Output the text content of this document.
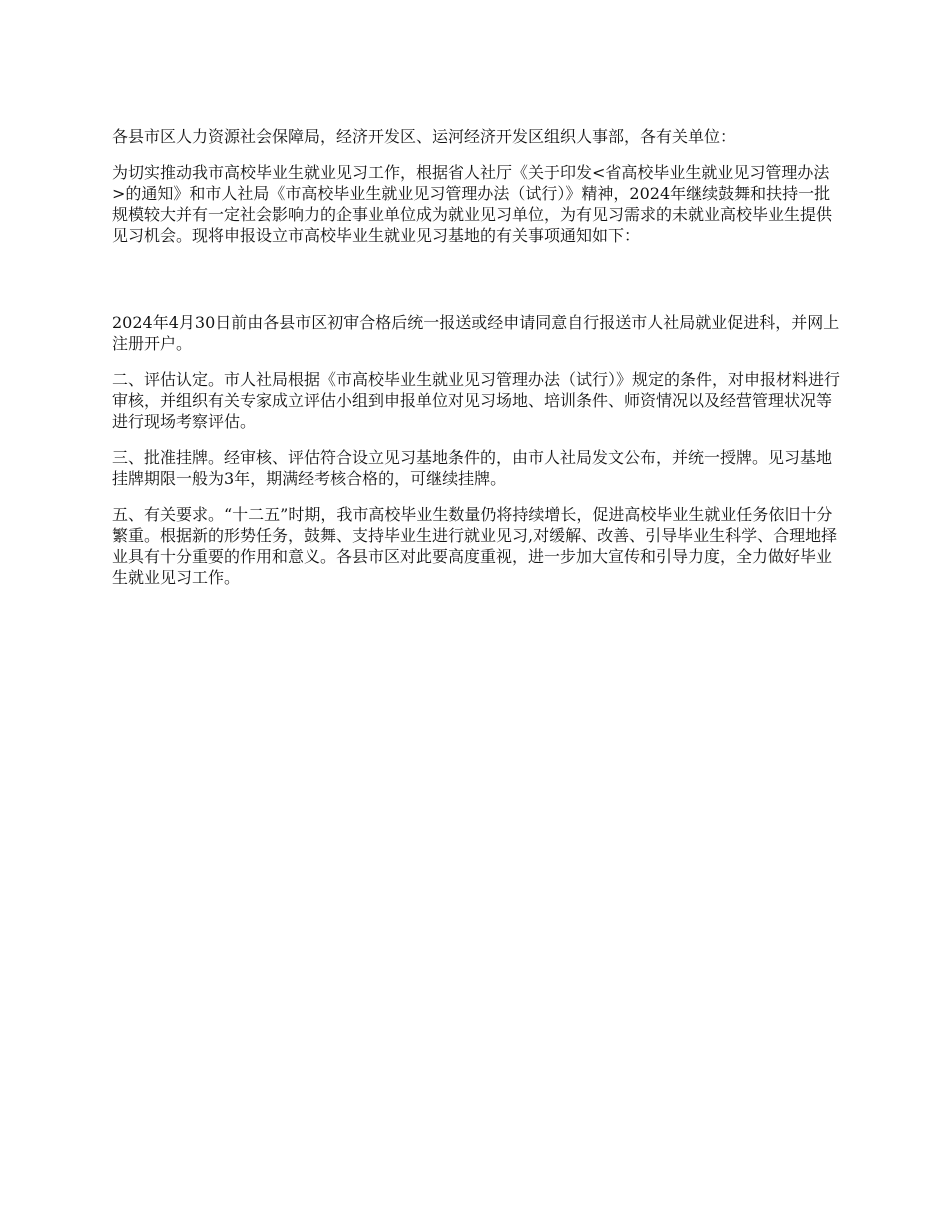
各县市区人力资源社会保障局，经济开发区、运河经济开发区组织人事部，各有关单位：

为切实推动我市高校毕业生就业见习工作，根据省人社厅《关于印发<省高校毕业生就业见习管理办法>的通知》和市人社局《市高校毕业生就业见习管理办法（试行）》精神，2024年继续鼓舞和扶持一批规模较大并有一定社会影响力的企事业单位成为就业见习单位，为有见习需求的未就业高校毕业生提供见习机会。现将申报设立市高校毕业生就业见习基地的有关事项通知如下：

2024年4月30日前由各县市区初审合格后统一报送或经申请同意自行报送市人社局就业促进科，并网上注册开户。

二、评估认定。市人社局根据《市高校毕业生就业见习管理办法（试行）》规定的条件，对申报材料进行审核，并组织有关专家成立评估小组到申报单位对见习场地、培训条件、师资情况以及经营管理状况等进行现场考察评估。

三、批准挂牌。经审核、评估符合设立见习基地条件的，由市人社局发文公布，并统一授牌。见习基地挂牌期限一般为3年，期满经考核合格的，可继续挂牌。

五、有关要求。“十二五”时期，我市高校毕业生数量仍将持续增长，促进高校毕业生就业任务依旧十分繁重。根据新的形势任务，鼓舞、支持毕业生进行就业见习,对缓解、改善、引导毕业生科学、合理地择业具有十分重要的作用和意义。各县市区对此要高度重视，进一步加大宣传和引导力度，全力做好毕业生就业见习工作。
